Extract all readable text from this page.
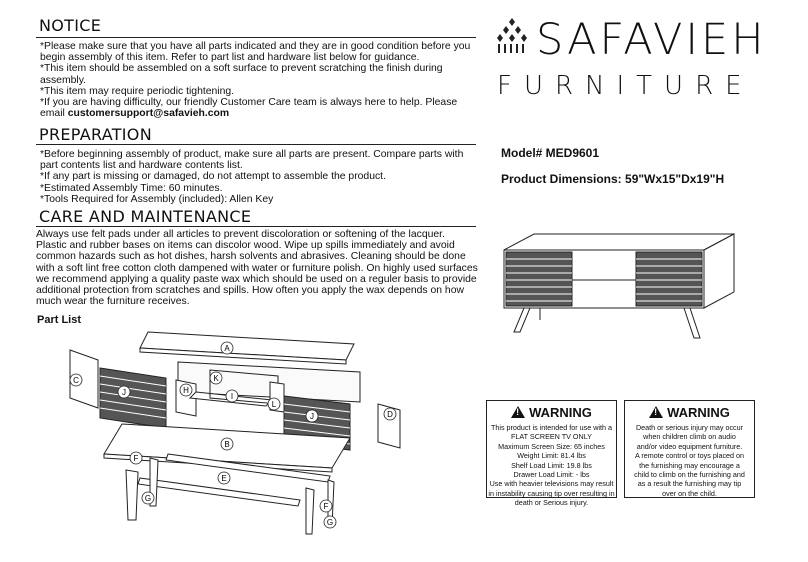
NOTICE
*Please make sure that you have all parts indicated and they are in good condition before you
begin assembly of this item. Refer to part list and hardware list below for guidance.
*This item should be assembled on a soft surface to prevent scratching the finish during
assembly.
*This item may require periodic tightening.
*If you are having difficulty, our friendly Customer Care team is always here to help. Please
email customersupport@safavieh.com
PREPARATION
*Before beginning assembly of product, make sure all parts are present. Compare parts with
part contents list and hardware contents list.
*If any part is missing or damaged, do not attempt to assemble the product.
*Estimated Assembly Time: 60 minutes.
*Tools Required for Assembly (included): Allen Key
CARE AND MAINTENANCE
Always use felt pads under all articles to prevent discoloration or softening of the lacquer.
Plastic and rubber bases on items can discolor wood. Wipe up spills immediately and avoid
common hazards such as hot dishes, harsh solvents and abrasives. Cleaning should be done
with a soft lint free cotton cloth dampened with water or furniture polish. On highly used surfaces
we recommend applying a quality paste wax which should be used on a reguler basis to provide
additional protection from scratches and spills. How often you apply the wax depends on how
much wear the furniture receives.
Part List
A
B
C
D
E
F
F
G
G
H
I
J
J
K
L
SAFAVIEH
FURNITURE
Model# MED9601
Product Dimensions: 59"Wx15"Dx19"H
!WARNING
This product is intended for use with a
FLAT SCREEN TV ONLY
Maximum Screen Size: 65 inches
Weight Limit: 81.4 lbs
Shelf Load Limit: 19.8 lbs
Drawer Load Limit: - lbs
Use with heavier televisions may result
in instability causing tip over resulting in
death or Serious injury.
!WARNING
Death or serious injury may occur
when children climb on audio
and/or video equipment furniture.
A remote control or toys placed on
the furnishing may encourage a
child to climb on the furnishing and
as a result the furnishing may tip
over on the child.
